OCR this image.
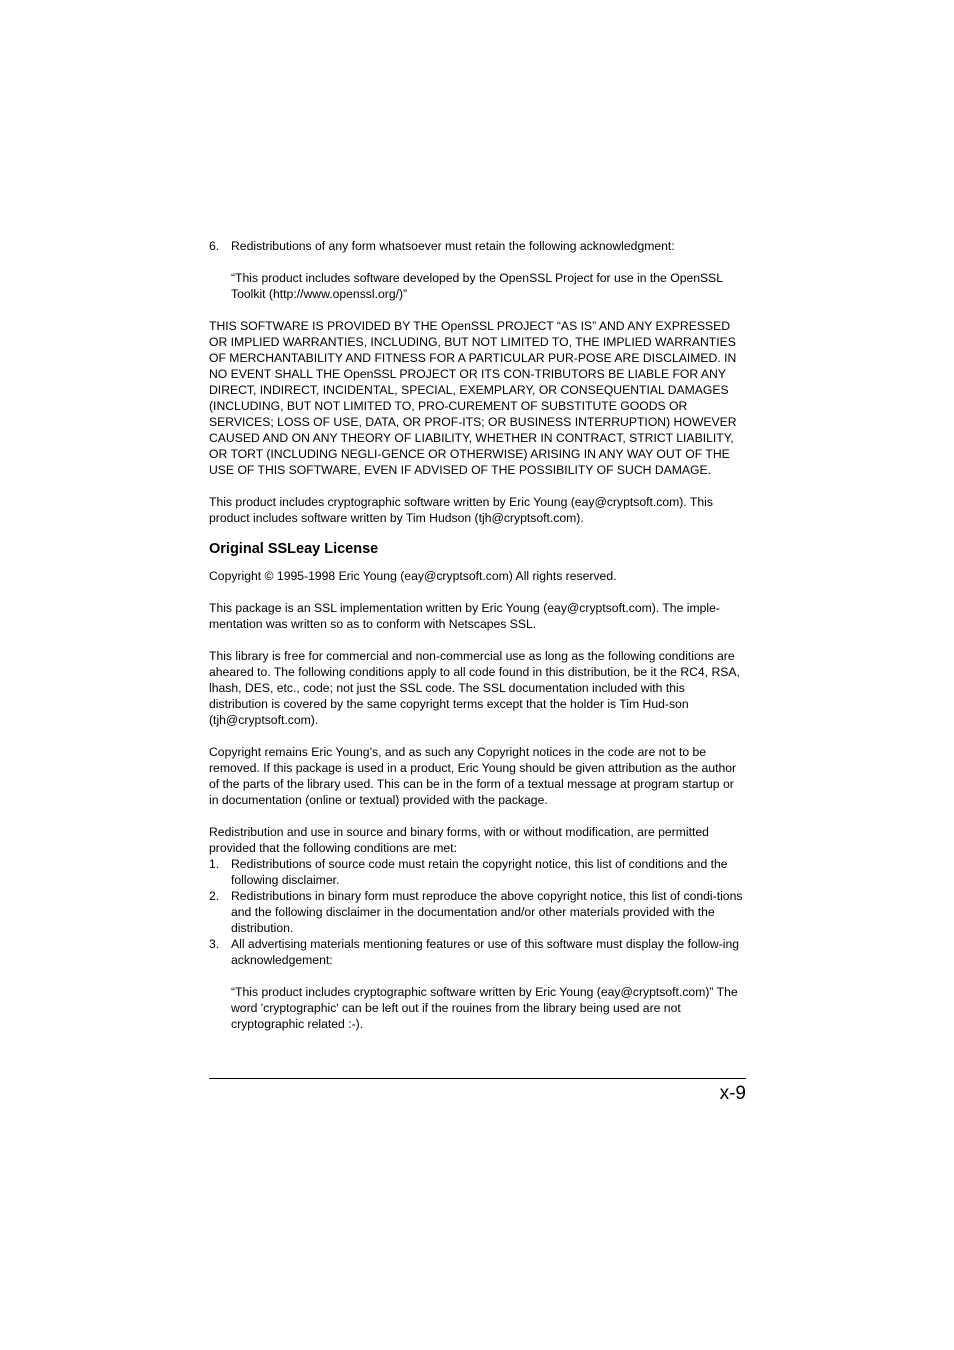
6. Redistributions of any form whatsoever must retain the following acknowledgment:
“This product includes software developed by the OpenSSL Project for use in the OpenSSL Toolkit (http://www.openssl.org/)”
THIS SOFTWARE IS PROVIDED BY THE OpenSSL PROJECT “AS IS” AND ANY EXPRESSED OR IMPLIED WARRANTIES, INCLUDING, BUT NOT LIMITED TO, THE IMPLIED WARRANTIES OF MERCHANTABILITY AND FITNESS FOR A PARTICULAR PUR-POSE ARE DISCLAIMED. IN NO EVENT SHALL THE OpenSSL PROJECT OR ITS CON-TRIBUTORS BE LIABLE FOR ANY DIRECT, INDIRECT, INCIDENTAL, SPECIAL, EXEMPLARY, OR CONSEQUENTIAL DAMAGES (INCLUDING, BUT NOT LIMITED TO, PRO-CUREMENT OF SUBSTITUTE GOODS OR SERVICES; LOSS OF USE, DATA, OR PROF-ITS; OR BUSINESS INTERRUPTION) HOWEVER CAUSED AND ON ANY THEORY OF LIABILITY, WHETHER IN CONTRACT, STRICT LIABILITY, OR TORT (INCLUDING NEGLI-GENCE OR OTHERWISE) ARISING IN ANY WAY OUT OF THE USE OF THIS SOFTWARE, EVEN IF ADVISED OF THE POSSIBILITY OF SUCH DAMAGE.
This product includes cryptographic software written by Eric Young (eay@cryptsoft.com). This product includes software written by Tim Hudson (tjh@cryptsoft.com).
Original SSLeay License
Copyright © 1995-1998 Eric Young (eay@cryptsoft.com) All rights reserved.
This package is an SSL implementation written by Eric Young (eay@cryptsoft.com). The imple-mentation was written so as to conform with Netscapes SSL.
This library is free for commercial and non-commercial use as long as the following conditions are aheared to. The following conditions apply to all code found in this distribution, be it the RC4, RSA, lhash, DES, etc., code; not just the SSL code. The SSL documentation included with this distribution is covered by the same copyright terms except that the holder is Tim Hud-son (tjh@cryptsoft.com).
Copyright remains Eric Young’s, and as such any Copyright notices in the code are not to be removed. If this package is used in a product, Eric Young should be given attribution as the author of the parts of the library used. This can be in the form of a textual message at program startup or in documentation (online or textual) provided with the package.
Redistribution and use in source and binary forms, with or without modification, are permitted provided that the following conditions are met:
1. Redistributions of source code must retain the copyright notice, this list of conditions and the following disclaimer.
2. Redistributions in binary form must reproduce the above copyright notice, this list of condi-tions and the following disclaimer in the documentation and/or other materials provided with the distribution.
3. All advertising materials mentioning features or use of this software must display the follow-ing acknowledgement:
“This product includes cryptographic software written by Eric Young (eay@cryptsoft.com)” The word 'cryptographic' can be left out if the rouines from the library being used are not cryptographic related :-).
x-9
